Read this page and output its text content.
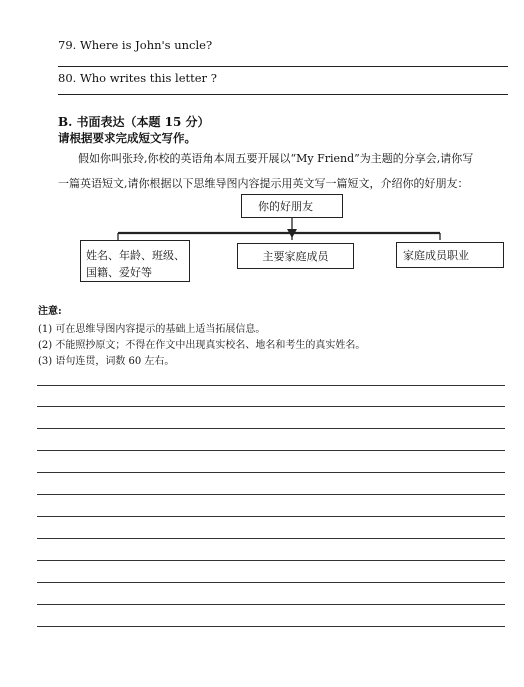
79. Where is John's uncle?
80. Who writes this letter ?
B. 书面表达（本题 15 分）
请根据要求完成短文写作。
假如你叫张玲,你校的英语角本周五要开展以“My Friend”为主题的分享会,请你写
一篇英语短文,请你根据以下思维导图内容提示用英文写一篇短文，介绍你的好朋友：
你的好朋友
姓名、年龄、班级、
国籍、爱好等
主要家庭成员	家庭成员职业
注意:
(1) 可在思维导图内容提示的基础上适当拓展信息。
(2) 不能照抄原文；不得在作文中出现真实校名、地名和考生的真实姓名。
(3) 语句连贯，词数 60 左右。
